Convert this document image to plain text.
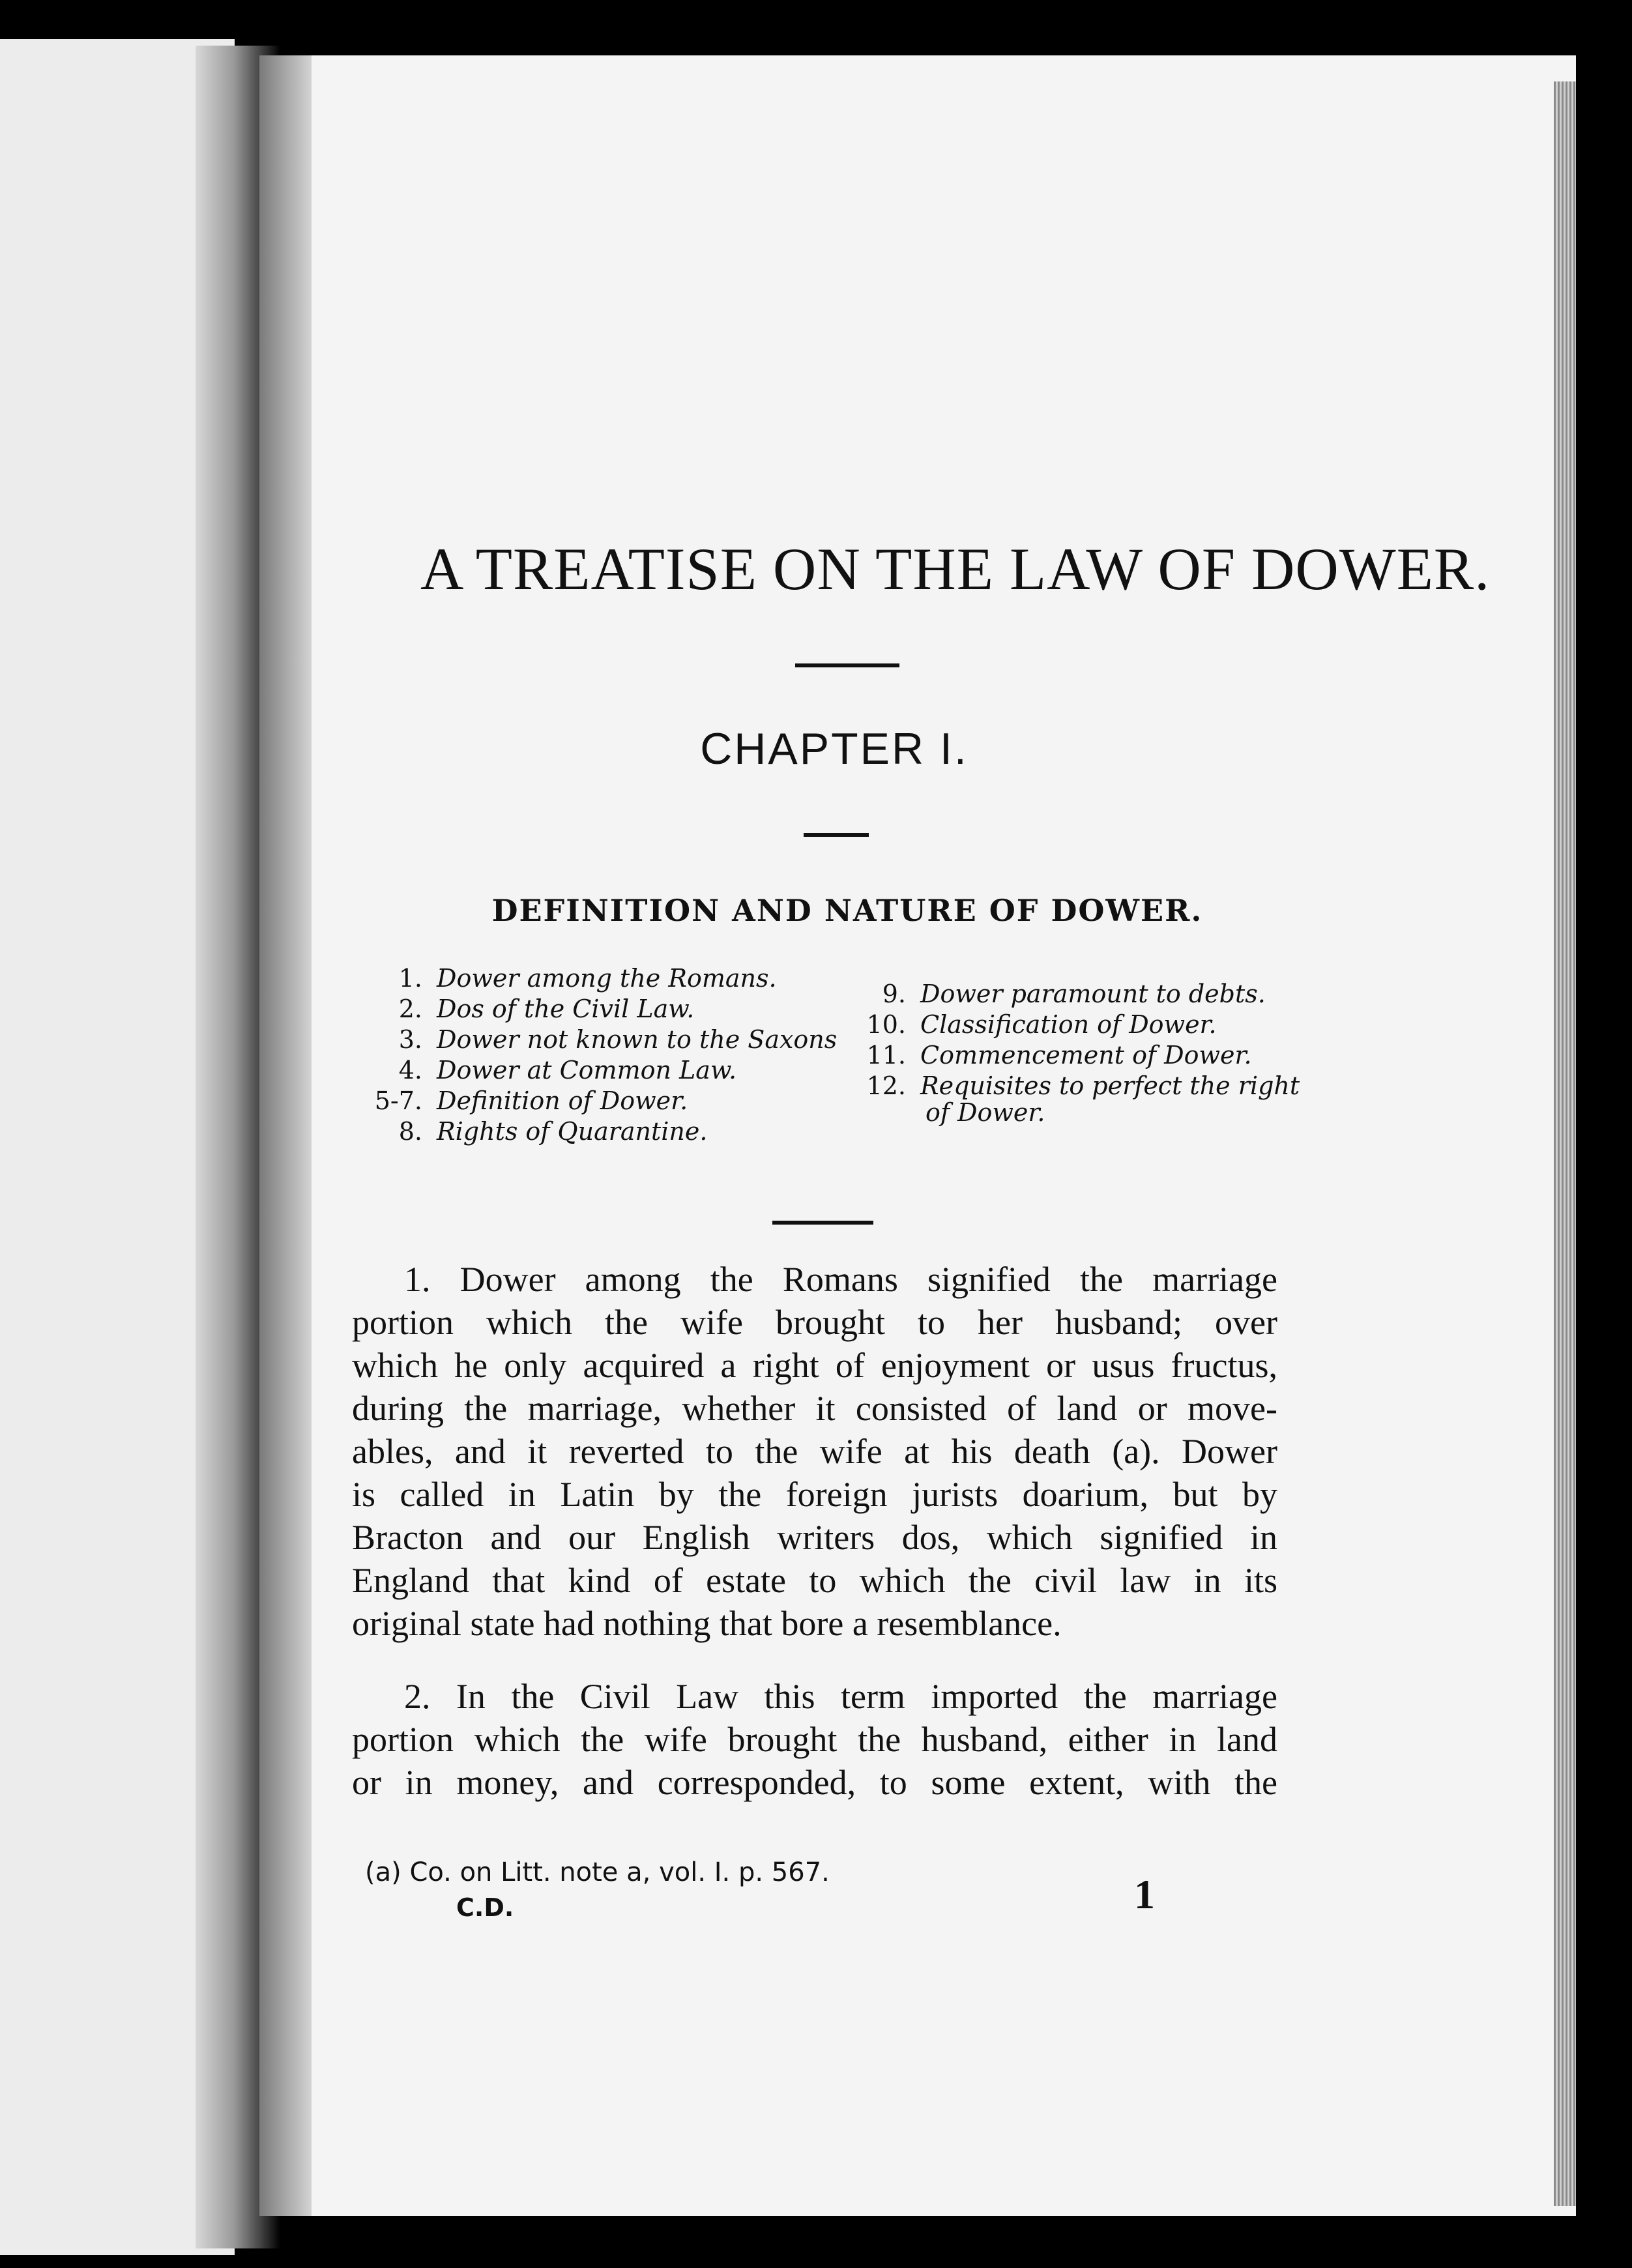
A TREATISE ON THE LAW OF DOWER.
CHAPTER I.
DEFINITION AND NATURE OF DOWER.
1. Dower among the Romans.
2. Dos of the Civil Law.
3. Dower not known to the Saxons
4. Dower at Common Law.
5-7. Definition of Dower.
8. Rights of Quarantine.
9. Dower paramount to debts.
10. Classification of Dower.
11. Commencement of Dower.
12. Requisites to perfect the right
of Dower.
1. Dower among the Romans signified the marriage
portion which the wife brought to her husband; over
which he only acquired a right of enjoyment or usus fructus,
during the marriage, whether it consisted of land or move-
ables, and it reverted to the wife at his death (a). Dower
is called in Latin by the foreign jurists doarium, but by
Bracton and our English writers dos, which signified in
England that kind of estate to which the civil law in its
original state had nothing that bore a resemblance.
2. In the Civil Law this term imported the marriage
portion which the wife brought the husband, either in land
or in money, and corresponded, to some extent, with the
(a) Co. on Litt. note a, vol. I. p. 567.
C.D.	1
